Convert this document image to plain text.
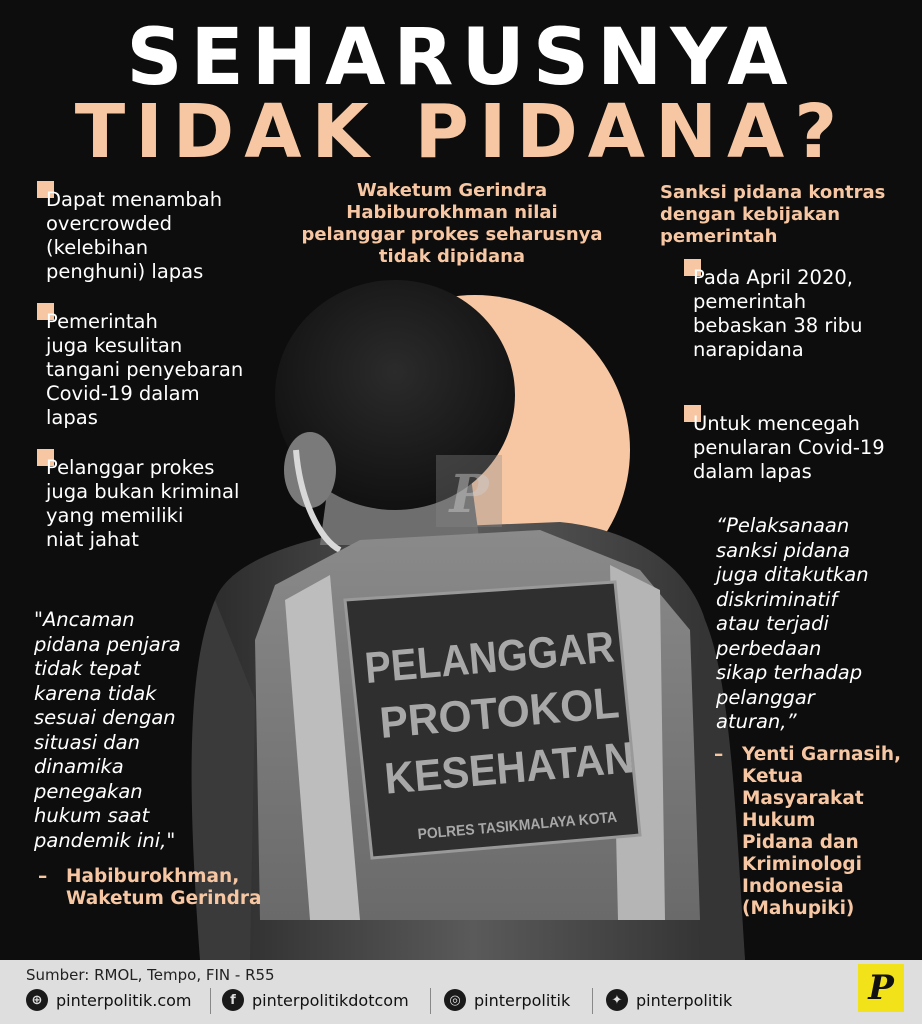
SEHARUSNYA
TIDAK PIDANA?
P
PELANGGAR
PROTOKOL
KESEHATAN
POLRES TASIKMALAYA KOTA
Dapat menambah
overcrowded
(kelebihan
penghuni) lapas
Pemerintah
juga kesulitan
tangani penyebaran
Covid-19 dalam
lapas
Pelanggar prokes
juga bukan kriminal
yang memiliki
niat jahat
Waketum Gerindra
Habiburokhman nilai
pelanggar prokes seharusnya
tidak dipidana
Sanksi pidana kontras
dengan kebijakan
pemerintah
Pada April 2020,
pemerintah
bebaskan 38 ribu
narapidana
Untuk mencegah
penularan Covid-19
dalam lapas
"Ancaman
pidana penjara
tidak tepat
karena tidak
sesuai dengan
situasi dan
dinamika
penegakan
hukum saat
pandemik ini,"
– Habiburokhman,
Waketum Gerindra
“Pelaksanaan
sanksi pidana
juga ditakutkan
diskriminatif
atau terjadi
perbedaan
sikap terhadap
pelanggar
aturan,”
– Yenti Garnasih,
Ketua
Masyarakat
Hukum
Pidana dan
Kriminologi
Indonesia
(Mahupiki)
Sumber: RMOL, Tempo, FIN - R55
⊕ pinterpolitik.com	f	pinterpolitikdotcom	◎ pinterpolitik	✦ pinterpolitik	P
